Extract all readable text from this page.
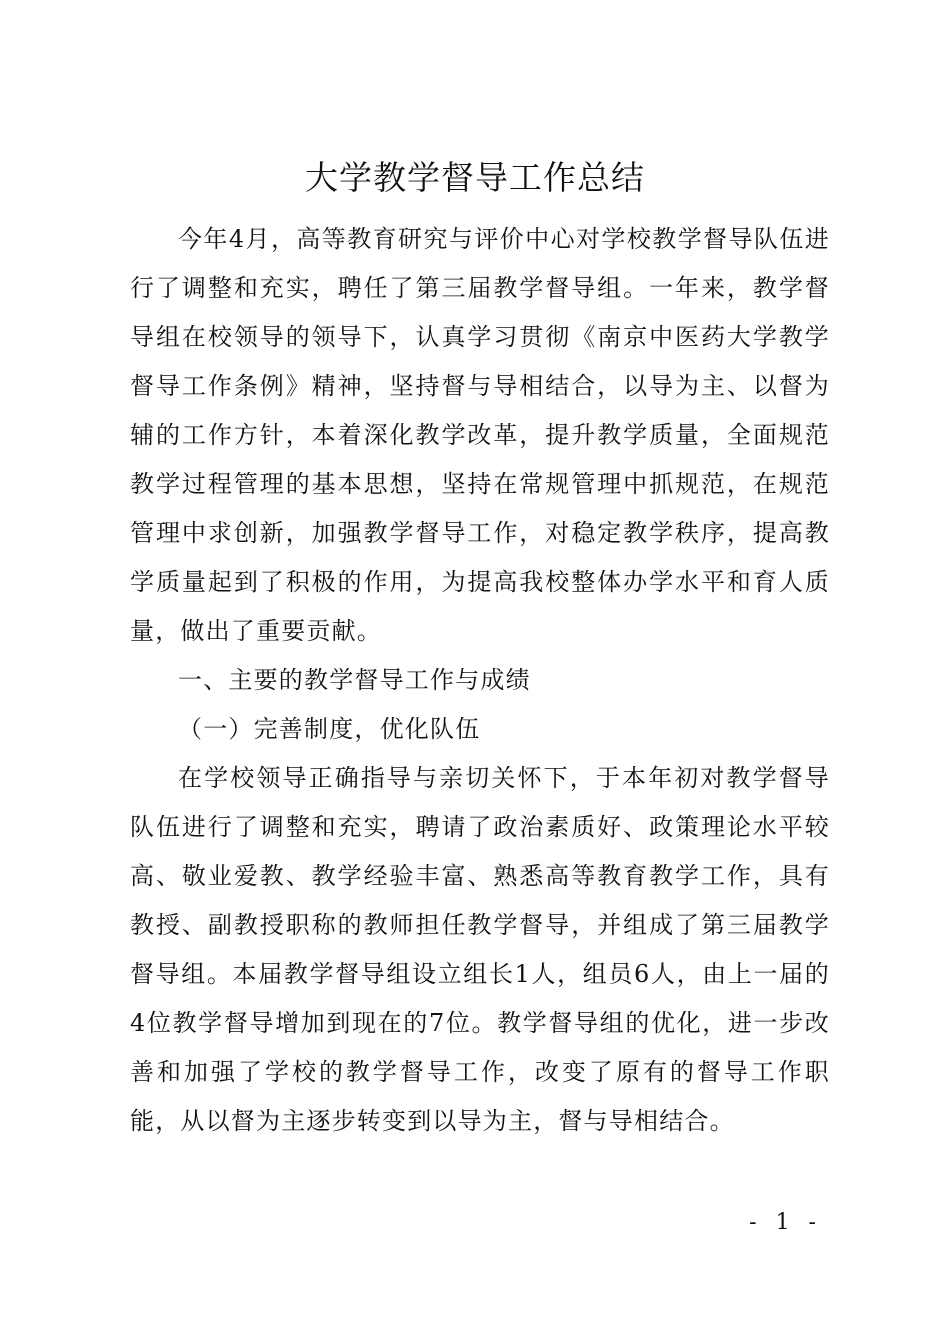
大学教学督导工作总结

今年4月，高等教育研究与评价中心对学校教学督导队伍进行了调整和充实，聘任了第三届教学督导组。一年来，教学督导组在校领导的领导下，认真学习贯彻《南京中医药大学教学督导工作条例》精神，坚持督与导相结合，以导为主、以督为辅的工作方针，本着深化教学改革，提升教学质量，全面规范教学过程管理的基本思想，坚持在常规管理中抓规范，在规范管理中求创新，加强教学督导工作，对稳定教学秩序，提高教学质量起到了积极的作用，为提高我校整体办学水平和育人质量，做出了重要贡献。

一、主要的教学督导工作与成绩

（一）完善制度，优化队伍

在学校领导正确指导与亲切关怀下，于本年初对教学督导队伍进行了调整和充实，聘请了政治素质好、政策理论水平较高、敬业爱教、教学经验丰富、熟悉高等教育教学工作，具有教授、副教授职称的教师担任教学督导，并组成了第三届教学督导组。本届教学督导组设立组长1人，组员6人，由上一届的4位教学督导增加到现在的7位。教学督导组的优化，进一步改善和加强了学校的教学督导工作，改变了原有的督导工作职能，从以督为主逐步转变到以导为主，督与导相结合。

- 1 -
